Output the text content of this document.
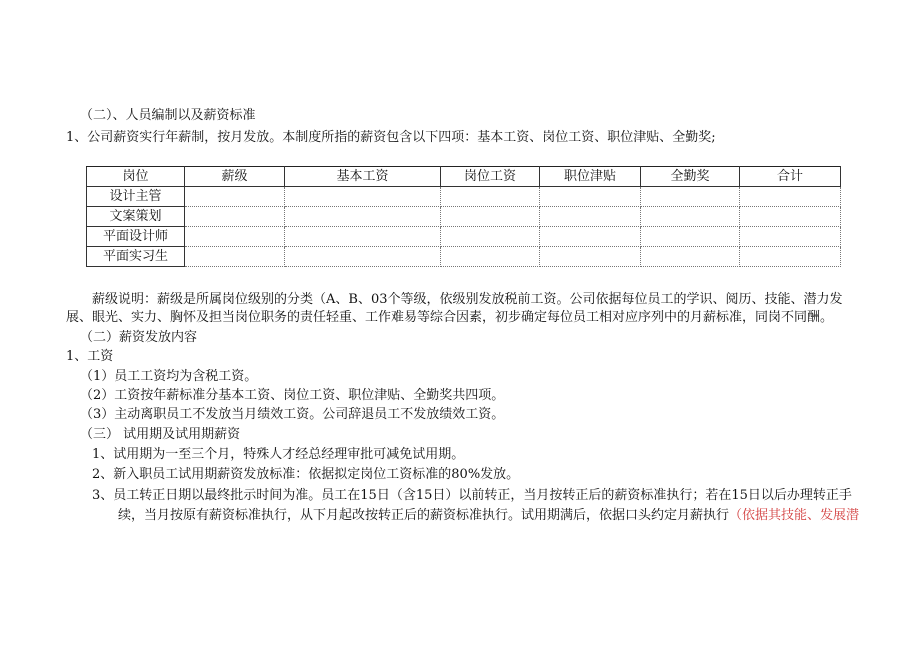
（二）、人员编制以及薪资标准
1、公司薪资实行年薪制，按月发放。本制度所指的薪资包含以下四项：基本工资、岗位工资、职位津贴、全勤奖;
岗位	薪级	基本工资	岗位工资	职位津贴	全勤奖	合计
设计主管						
文案策划						
平面设计师						
平面实习生						
薪级说明：薪级是所属岗位级别的分类（A、B、03个等级，依级别发放税前工资。公司依据每位员工的学识、阅历、技能、潜力发
展、眼光、实力、胸怀及担当岗位职务的责任轻重、工作难易等综合因素，初步确定每位员工相对应序列中的月薪标准，同岗不同酬。
（二）薪资发放内容
1、工资
（1）员工工资均为含税工资。
（2）工资按年薪标准分基本工资、岗位工资、职位津贴、全勤奖共四项。
（3）主动离职员工不发放当月绩效工资。公司辞退员工不发放绩效工资。
（三） 试用期及试用期薪资
1、试用期为一至三个月，特殊人才经总经理审批可减免试用期。
2、新入职员工试用期薪资发放标准：依据拟定岗位工资标准的80%发放。
3、员工转正日期以最终批示时间为准。员工在15日（含15日）以前转正，当月按转正后的薪资标准执行；若在15日以后办理转正手
续，当月按原有薪资标准执行，从下月起改按转正后的薪资标准执行。试用期满后，依据口头约定月薪执行（依据其技能、发展潜
